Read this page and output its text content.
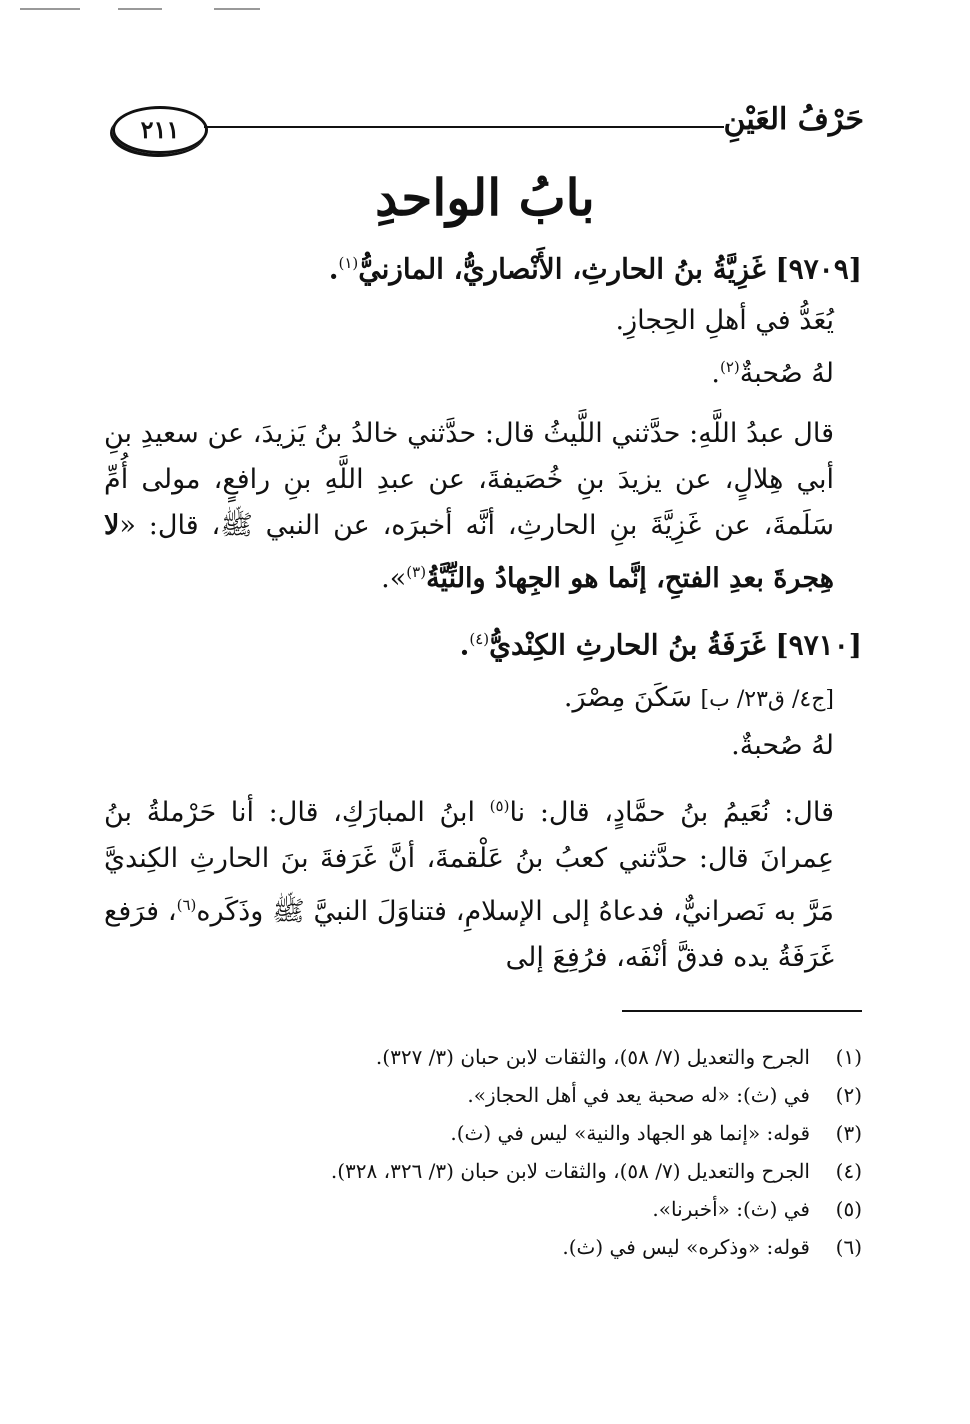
حَرْفُ العَيْنِ
٢١١
بابُ الواحدِ

[٩٧٠٩] غَزِيَّةُ بنُ الحارثِ، الأَنْصاريُّ، المازنيُّ$^{(١)}$.

يُعَدُّ في أهلِ الحِجازِ.

لهُ صُحبةٌ$^{(٢)}$.

قال عبدُ اللَّهِ: حدَّثني اللَّيثُ قال: حدَّثني خالدُ بنُ يَزيدَ، عن سعيدِ بنِ أبي هِلالٍ، عن يزيدَ بنِ خُصَيفةَ، عن عبدِ اللَّهِ بنِ رافعٍ، مولى أُمِّ سَلَمةَ، عن غَزِيَّةَ بنِ الحارثِ، أنَّه أخبرَه، عن النبي ﷺ، قال: «لا هِجرةَ بعدِ الفتحِ، إنَّما هو الجِهادُ والنِّيَّةُ$^{(٣)}$».

[٩٧١٠] غَرَفَةُ بنُ الحارثِ الكِنْديُّ$^{(٤)}$.

[ج٤/ ق٢٣/ ب] سَكَنَ مِصْرَ.

لهُ صُحبةٌ.

قال: نُعَيمُ بنُ حمَّادٍ، قال: نا$^{(٥)}$ ابنُ المبارَكِ، قال: أنا حَرْملةُ بنُ عِمرانَ قال: حدَّثني كعبُ بنُ عَلْقمةَ، أنَّ غَرَفةَ بنَ الحارثِ الكِنديَّ مَرَّ به نَصرانيٌّ، فدعاهُ إلى الإسلامِ، فتناوَلَ النبيَّ ﷺ وذَكَره$^{(٦)}$، فرَفع غَرَفَةُ يده فدقَّ أنْفَه، فرُفِعَ إلى

(١)
الجرح والتعديل (٧/ ٥٨)، والثقات لابن حبان (٣/ ٣٢٧).
(٢)
في (ث): «له صحبة يعد في أهل الحجاز».
(٣)
قوله: «إنما هو الجهاد والنية» ليس في (ث).
(٤)
الجرح والتعديل (٧/ ٥٨)، والثقات لابن حبان (٣/ ٣٢٦، ٣٢٨).
(٥)
في (ث): «أخبرنا».
(٦)
قوله: «وذكره» ليس في (ث).
